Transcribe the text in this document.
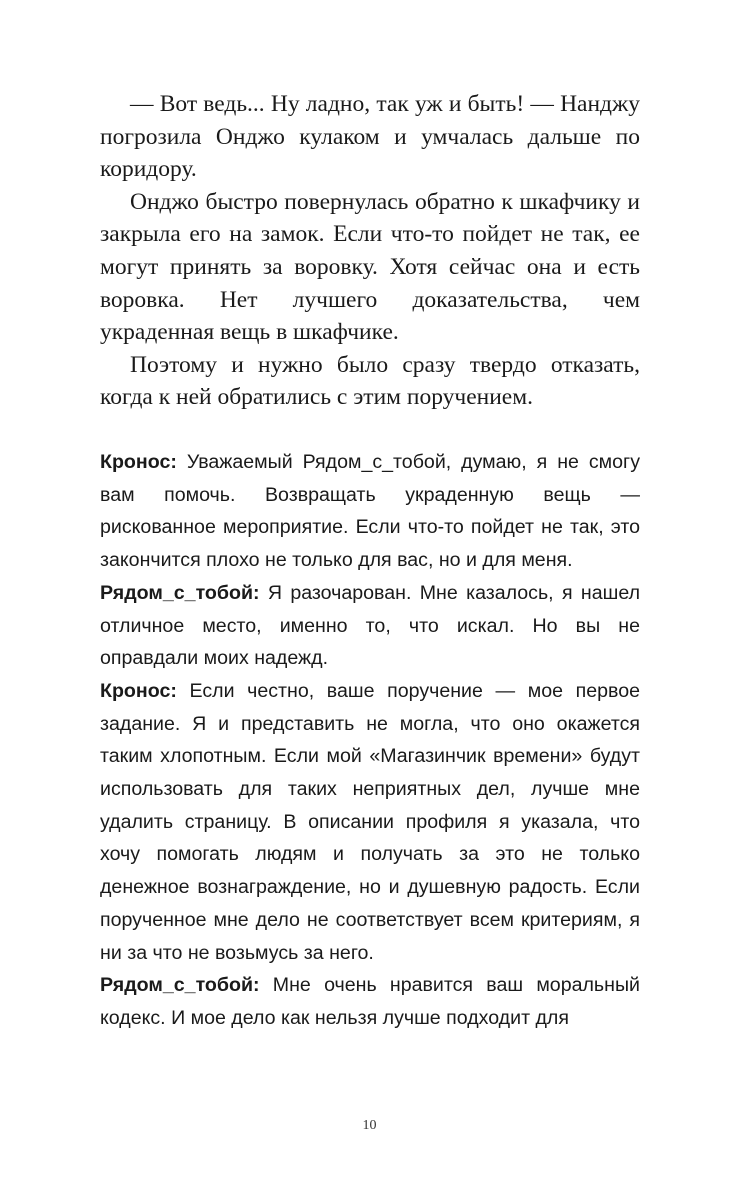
— Вот ведь... Ну ладно, так уж и быть! — Нанджу погрозила Онджо кулаком и умчалась дальше по коридору.

Онджо быстро повернулась обратно к шкафчику и закрыла его на замок. Если что-то пойдет не так, ее могут принять за воровку. Хотя сейчас она и есть воровка. Нет лучшего доказательства, чем украденная вещь в шкафчике.

Поэтому и нужно было сразу твердо отказать, когда к ней обратились с этим поручением.

Кронос: Уважаемый Рядом_с_тобой, думаю, я не смогу вам помочь. Возвращать украденную вещь — рискованное мероприятие. Если что-то пойдет не так, это закончится плохо не только для вас, но и для меня.

Рядом_с_тобой: Я разочарован. Мне казалось, я нашел отличное место, именно то, что искал. Но вы не оправдали моих надежд.

Кронос: Если честно, ваше поручение — мое первое задание. Я и представить не могла, что оно окажется таким хлопотным. Если мой «Магазинчик времени» будут использовать для таких неприятных дел, лучше мне удалить страницу. В описании профиля я указала, что хочу помогать людям и получать за это не только денежное вознаграждение, но и душевную радость. Если порученное мне дело не соответствует всем критериям, я ни за что не возьмусь за него.

Рядом_с_тобой: Мне очень нравится ваш моральный кодекс. И мое дело как нельзя лучше подходит для

10
